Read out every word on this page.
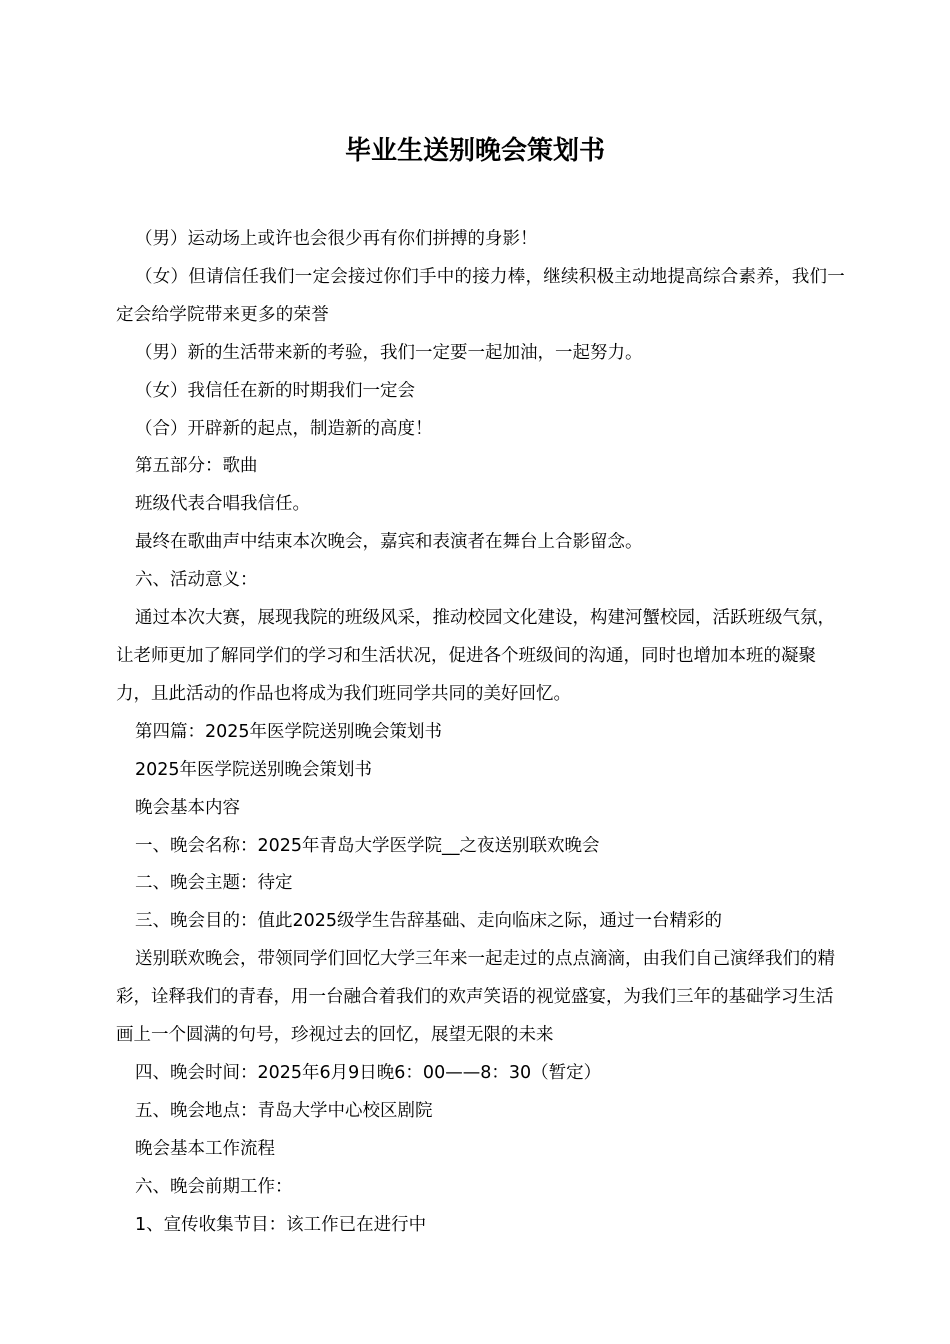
毕业生送别晚会策划书

（男）运动场上或许也会很少再有你们拼搏的身影！

（女）但请信任我们一定会接过你们手中的接力棒，继续积极主动地提高综合素养，我们一定会给学院带来更多的荣誉

（男）新的生活带来新的考验，我们一定要一起加油，一起努力。

（女）我信任在新的时期我们一定会

（合）开辟新的起点，制造新的高度！

第五部分：歌曲

班级代表合唱我信任。

最终在歌曲声中结束本次晚会，嘉宾和表演者在舞台上合影留念。

六、活动意义：

通过本次大赛，展现我院的班级风采，推动校园文化建设，构建河蟹校园，活跃班级气氛，让老师更加了解同学们的学习和生活状况，促进各个班级间的沟通，同时也增加本班的凝聚力，且此活动的作品也将成为我们班同学共同的美好回忆。

第四篇：2025年医学院送别晚会策划书

2025年医学院送别晚会策划书

晚会基本内容

一、晚会名称：2025年青岛大学医学院__之夜送别联欢晚会

二、晚会主题：待定

三、晚会目的：值此2025级学生告辞基础、走向临床之际，通过一台精彩的

送别联欢晚会，带领同学们回忆大学三年来一起走过的点点滴滴，由我们自己演绎我们的精彩，诠释我们的青春，用一台融合着我们的欢声笑语的视觉盛宴，为我们三年的基础学习生活画上一个圆满的句号，珍视过去的回忆，展望无限的未来

四、晚会时间：2025年6月9日晚6：00——8：30（暂定）

五、晚会地点：青岛大学中心校区剧院

晚会基本工作流程

六、晚会前期工作：

1、宣传收集节目：该工作已在进行中
